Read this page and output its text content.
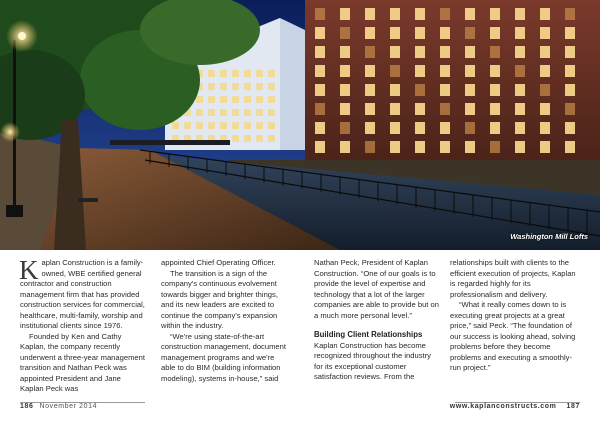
Washington Mill Lofts
K aplan Construction is a family-owned, WBE certified general contractor and construction management firm that has provided construction services for commercial, healthcare, multi-family, worship and institutional clients since 1976.

Founded by Ken and Cathy Kaplan, the company recently underwent a three-year management transition and Nathan Peck was appointed President and Jane Kaplan Peck was

appointed Chief Operating Officer.

The transition is a sign of the company's continuous evolvement towards bigger and brighter things, and its new leaders are excited to continue the company's expansion within the industry.

“We're using state-of-the-art construction management, document management programs and we're able to do BIM (building information modeling), systems in-house,” said

Nathan Peck, President of Kaplan Construction. “One of our goals is to provide the level of expertise and technology that a lot of the larger companies are able to provide but on a much more personal level.”

Building Client Relationships

Kaplan Construction has become recognized throughout the industry for its exceptional customer satisfaction reviews. From the

relationships built with clients to the efficient execution of projects, Kaplan is regarded highly for its professionalism and delivery.

“What it really comes down to is executing great projects at a great price,” said Peck. “The foundation of our success is looking ahead, solving problems before they become problems and executing a smoothly-run project.”

186 November 2014	www.kaplanconstructs.com 187
